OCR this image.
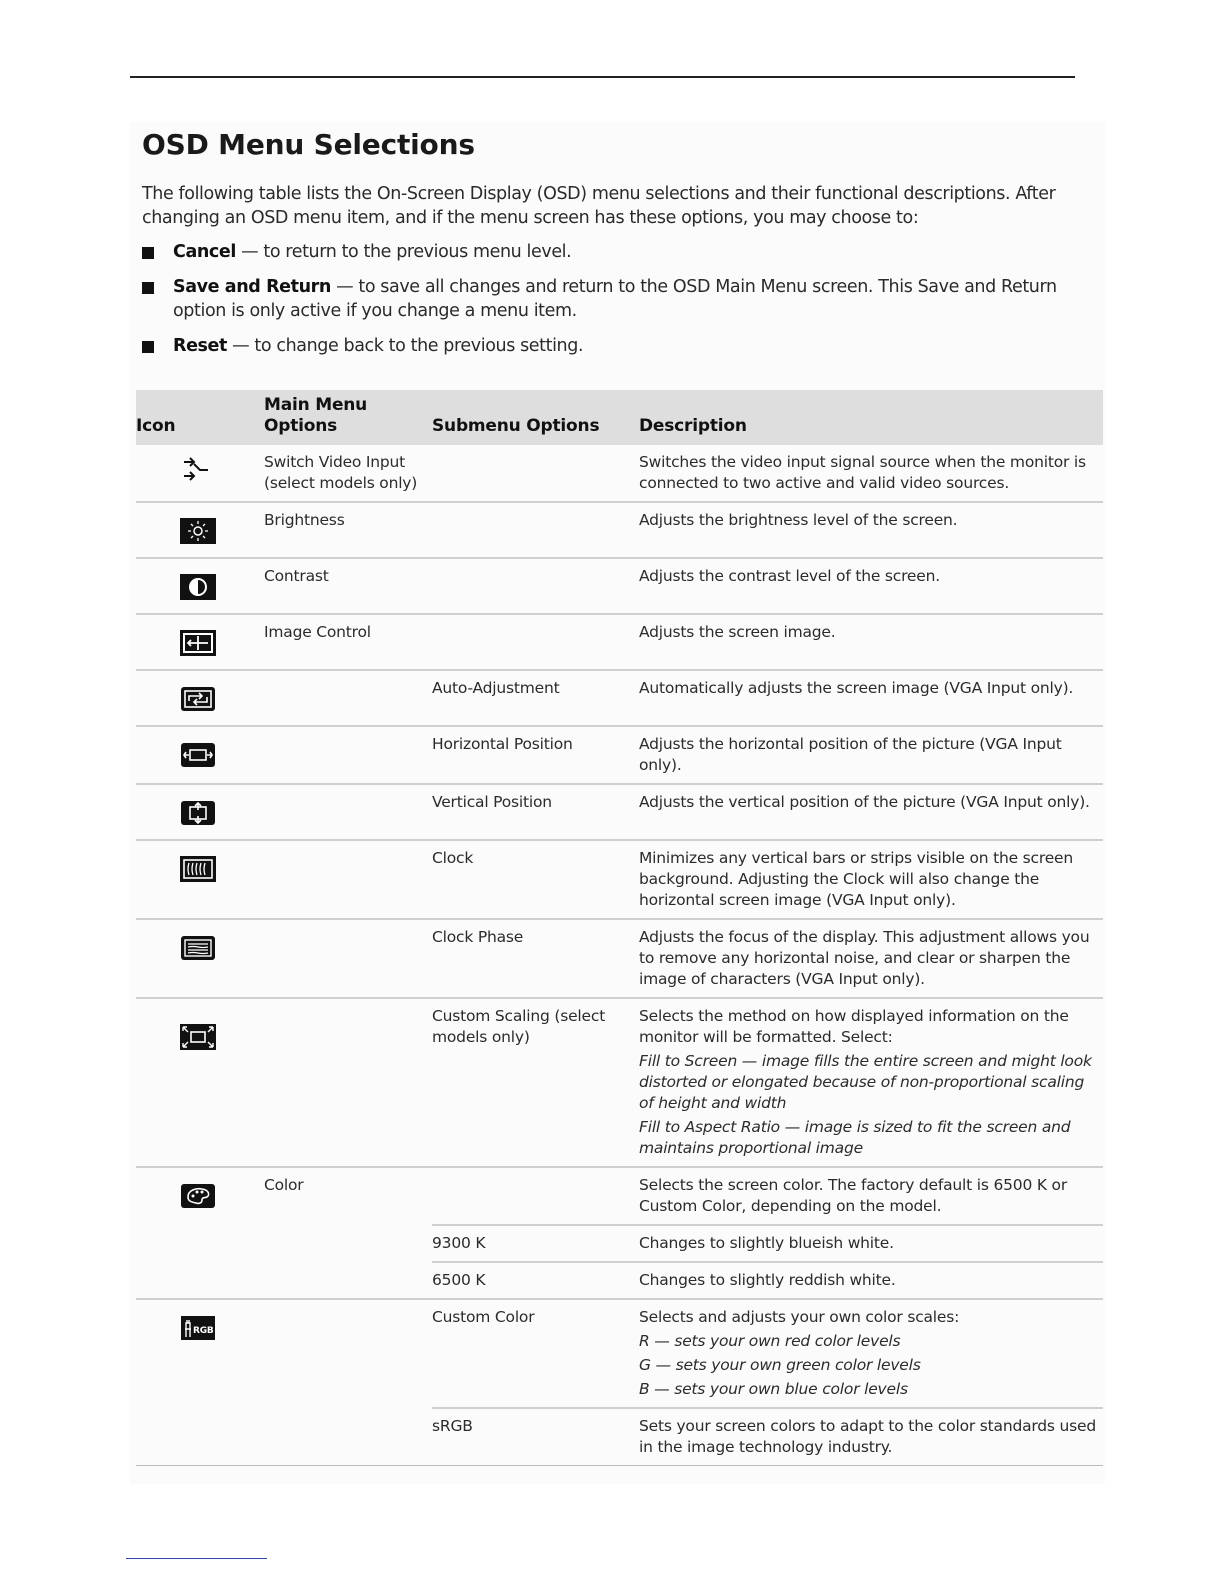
OSD Menu Selections

The following table lists the On-Screen Display (OSD) menu selections and their functional descriptions. After changing an OSD menu item, and if the menu screen has these options, you may choose to:

Cancel — to return to the previous menu level.
Save and Return — to save all changes and return to the OSD Main Menu screen. This Save and Return option is only active if you change a menu item.
Reset — to change back to the previous setting.
Icon	Main Menu Options	Submenu Options	Description

	Switch Video Input (select models only)		Switches the video input signal source when the monitor is connected to two active and valid video sources.

	Brightness		Adjusts the brightness level of the screen.

	Contrast		Adjusts the contrast level of the screen.

	Image Control		Adjusts the screen image.

		Auto-Adjustment	Automatically adjusts the screen image (VGA Input only).

		Horizontal Position	Adjusts the horizontal position of the picture (VGA Input only).

		Vertical Position	Adjusts the vertical position of the picture (VGA Input only).

		Clock	Minimizes any vertical bars or strips visible on the screen background. Adjusting the Clock will also change the horizontal screen image (VGA Input only).

		Clock Phase	Adjusts the focus of the display. This adjustment allows you to remove any horizontal noise, and clear or sharpen the image of characters (VGA Input only).

		Custom Scaling (select models only)	Selects the method on how displayed information on the monitor will be formatted. Select:

Fill to Screen — image fills the entire screen and might look distorted or elongated because of non-proportional scaling of height and width

Fill to Aspect Ratio — image is sized to fit the screen and maintains proportional image

	Color		Selects the screen color. The factory default is 6500 K or Custom Color, depending on the model.

		9300 K	Changes to slightly blueish white.

		6500 K	Changes to slightly reddish white.

RGB		Custom Color	Selects and adjusts your own color scales:

R — sets your own red color levels

G — sets your own green color levels

B — sets your own blue color levels

		sRGB	Sets your screen colors to adapt to the color standards used in the image technology industry.
